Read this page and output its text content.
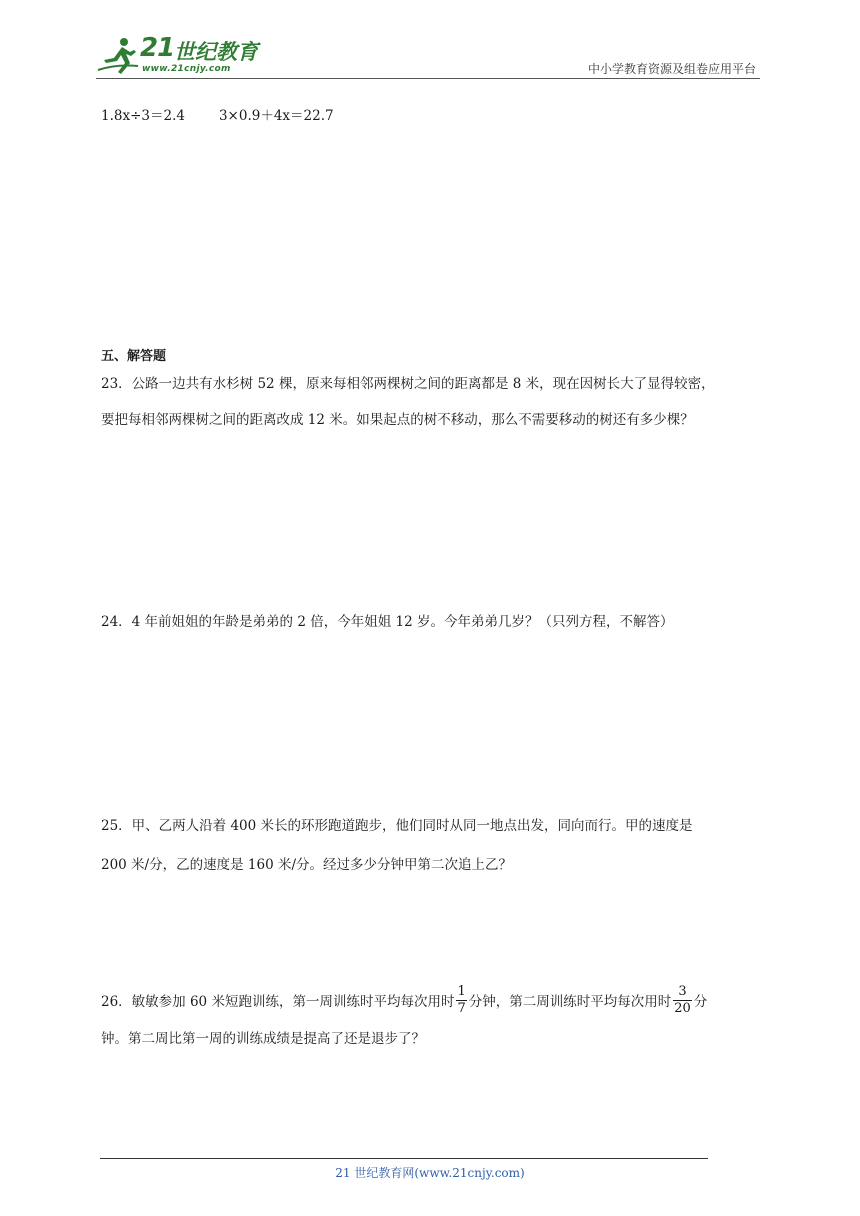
21 世纪教育
www.21cnjy.com	中小学教育资源及组卷应用平台
1.8x÷3＝2.4	3×0.9＋4x＝22.7
五、解答题
23．公路一边共有水杉树 52 棵，原来每相邻两棵树之间的距离都是 8 米，现在因树长大了显得较密，
要把每相邻两棵树之间的距离改成 12 米。如果起点的树不移动，那么不需要移动的树还有多少棵？
24．4 年前姐姐的年龄是弟弟的 2 倍，今年姐姐 12 岁。今年弟弟几岁？（只列方程，不解答）
25．甲、乙两人沿着 400 米长的环形跑道跑步，他们同时从同一地点出发，同向而行。甲的速度是
200 米/分，乙的速度是 160 米/分。经过多少分钟甲第二次追上乙？
26．敏敏参加 60 米短跑训练，第一周训练时平均每次用时 $\frac{1}{7}$ 分钟，第二周训练时平均每次用时 $\frac{3}{20}$ 分
钟。第二周比第一周的训练成绩是提高了还是退步了？
21 世纪教育网(www.21cnjy.com)
